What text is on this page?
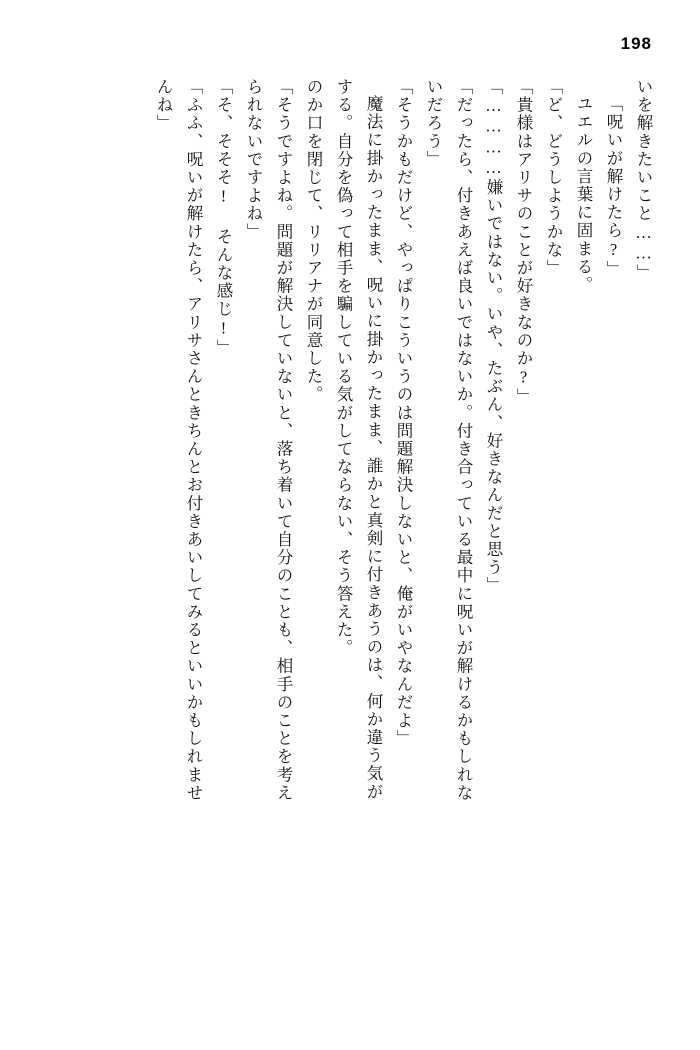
198
いを解きたいこと……」
「呪いが解けたら?」
ユエルの言葉に固まる。
「ど、どうしようかな」
「貴様はアリサのことが好きなのか?」
「…………嫌いではない。いや、たぶん、好きなんだと思う」
「だったら、付きあえば良いではないか。付き合っている最中に呪いが解けるかもしれな
いだろう」
「そうかもだけど、やっぱりこういうのは問題解決しないと、俺がいやなんだよ」
魔法に掛かったまま、呪いに掛かったまま、誰かと真剣に付きあうのは、何か違う気が
する。自分を偽って相手を騙している気がしてならない、そう答えた。
のか口を閉じて、リリアナが同意した。
「そうですよね。問題が解決していないと、落ち着いて自分のことも、相手のことを考え
られないですよね」
「そ、そそそ! そんな感じ!」
「ふふ、呪いが解けたら、アリサさんときちんとお付きあいしてみるといいかもしれませ
んね」
